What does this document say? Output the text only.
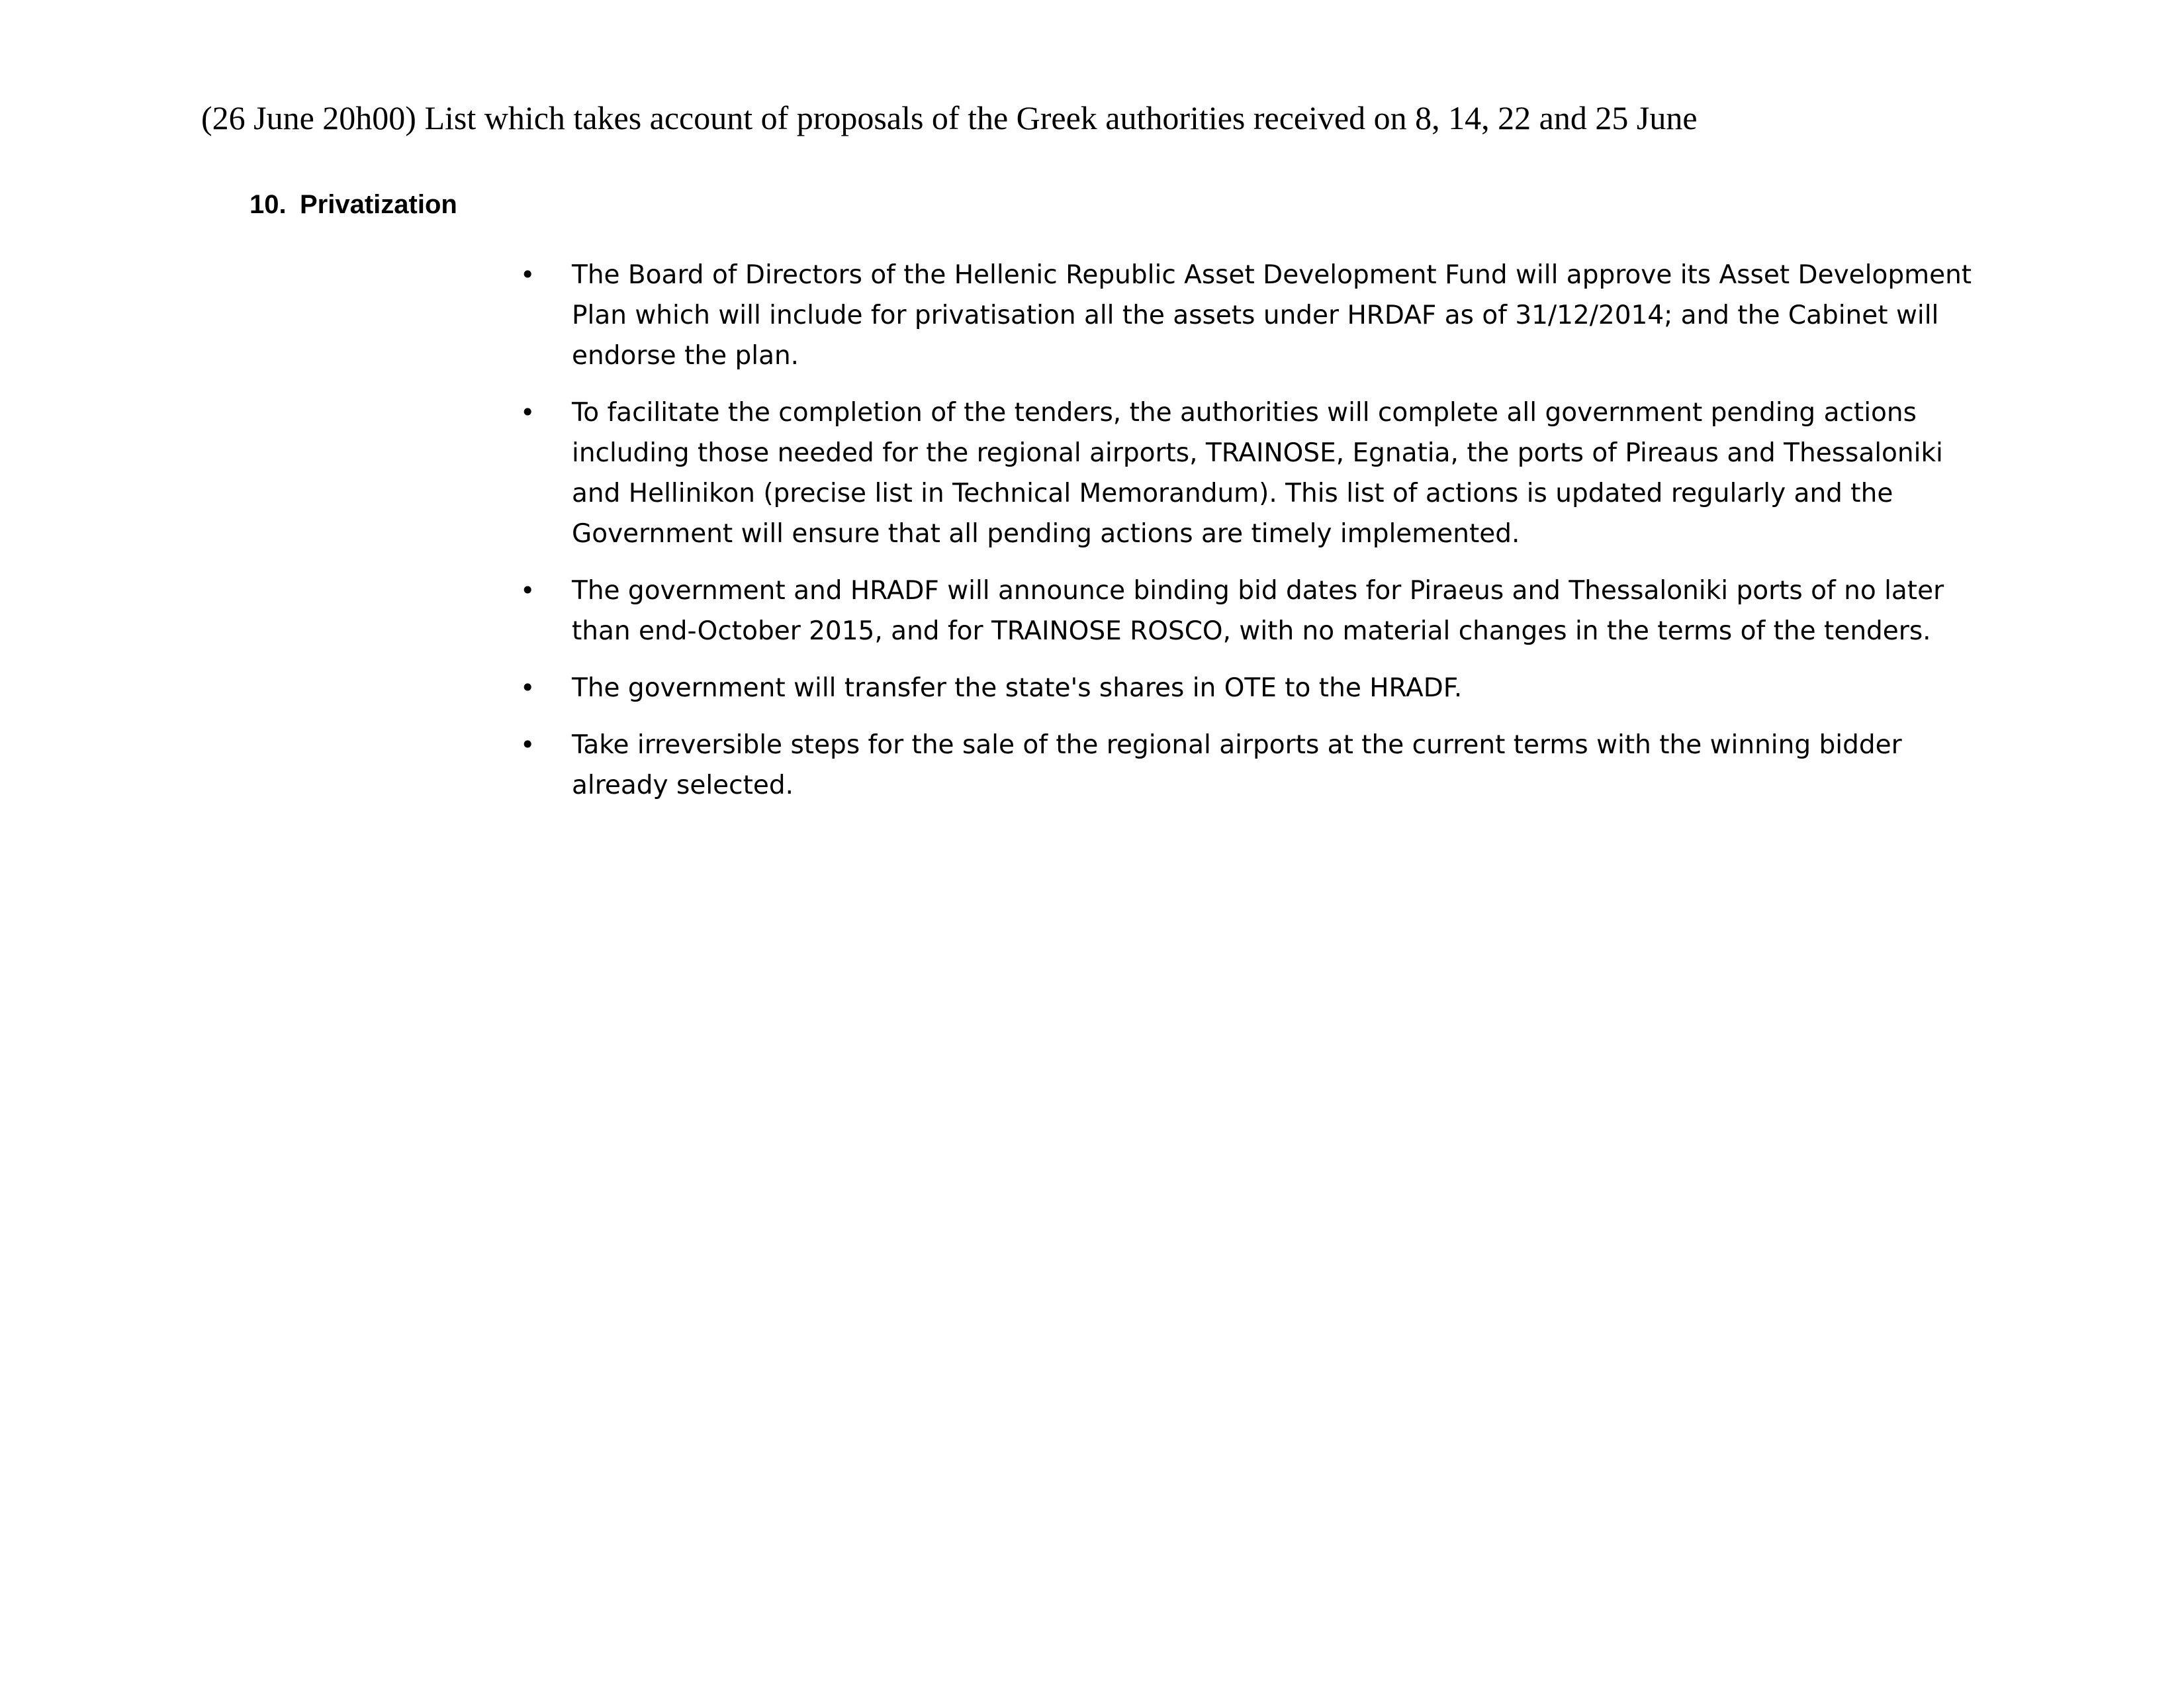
(26 June 20h00) List which takes account of proposals of the Greek authorities received on 8, 14, 22 and 25 June
10. Privatization
•	The Board of Directors of the Hellenic Republic Asset Development Fund will approve its Asset Development Plan which will include for privatisation all the assets under HRDAF as of 31/12/2014; and the Cabinet will endorse the plan.
•	To facilitate the completion of the tenders, the authorities will complete all government pending actions including those needed for the regional airports, TRAINOSE, Egnatia, the ports of Pireaus and Thessaloniki and Hellinikon (precise list in Technical Memorandum). This list of actions is updated regularly and the Government will ensure that all pending actions are timely implemented.
•	The government and HRADF will announce binding bid dates for Piraeus and Thessaloniki ports of no later than end-October 2015, and for TRAINOSE ROSCO, with no material changes in the terms of the tenders.
•	The government will transfer the state's shares in OTE to the HRADF.
•	Take irreversible steps for the sale of the regional airports at the current terms with the winning bidder already selected.
